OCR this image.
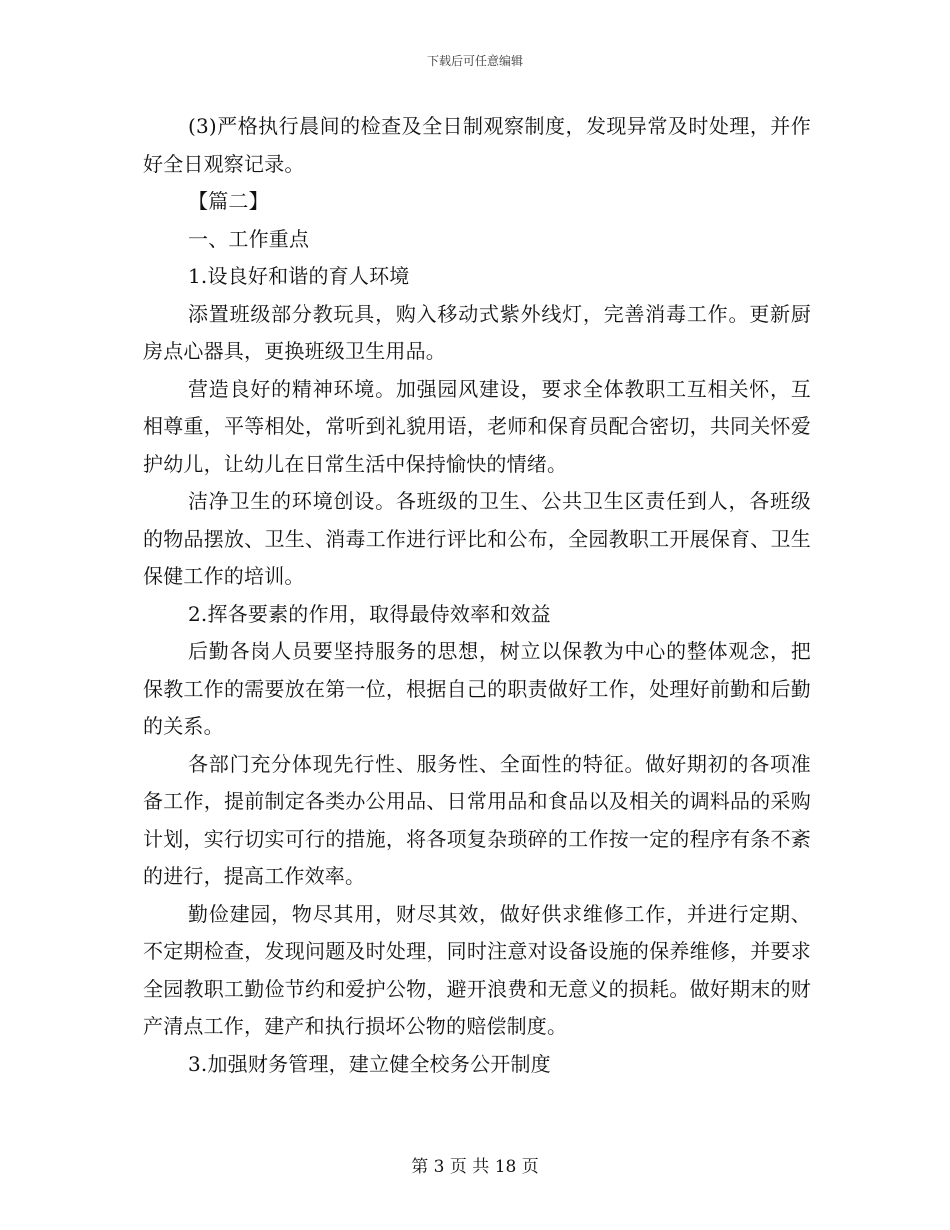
下载后可任意编辑

(3)严格执行晨间的检查及全日制观察制度，发现异常及时处理，并作好全日观察记录。

【篇二】

一、工作重点

1.设良好和谐的育人环境

添置班级部分教玩具，购入移动式紫外线灯，完善消毒工作。更新厨房点心器具，更换班级卫生用品。

营造良好的精神环境。加强园风建设，要求全体教职工互相关怀，互相尊重，平等相处，常听到礼貌用语，老师和保育员配合密切，共同关怀爱护幼儿，让幼儿在日常生活中保持愉快的情绪。

洁净卫生的环境创设。各班级的卫生、公共卫生区责任到人，各班级的物品摆放、卫生、消毒工作进行评比和公布，全园教职工开展保育、卫生保健工作的培训。

2.挥各要素的作用，取得最侍效率和效益

后勤各岗人员要坚持服务的思想，树立以保教为中心的整体观念，把保教工作的需要放在第一位，根据自己的职责做好工作，处理好前勤和后勤的关系。

各部门充分体现先行性、服务性、全面性的特征。做好期初的各项准备工作，提前制定各类办公用品、日常用品和食品以及相关的调料品的采购计划，实行切实可行的措施，将各项复杂琐碎的工作按一定的程序有条不紊的进行，提高工作效率。

勤俭建园，物尽其用，财尽其效，做好供求维修工作，并进行定期、不定期检查，发现问题及时处理，同时注意对设备设施的保养维修，并要求全园教职工勤俭节约和爱护公物，避开浪费和无意义的损耗。做好期末的财产清点工作，建产和执行损坏公物的赔偿制度。

3.加强财务管理，建立健全校务公开制度

第 3 页 共 18 页
